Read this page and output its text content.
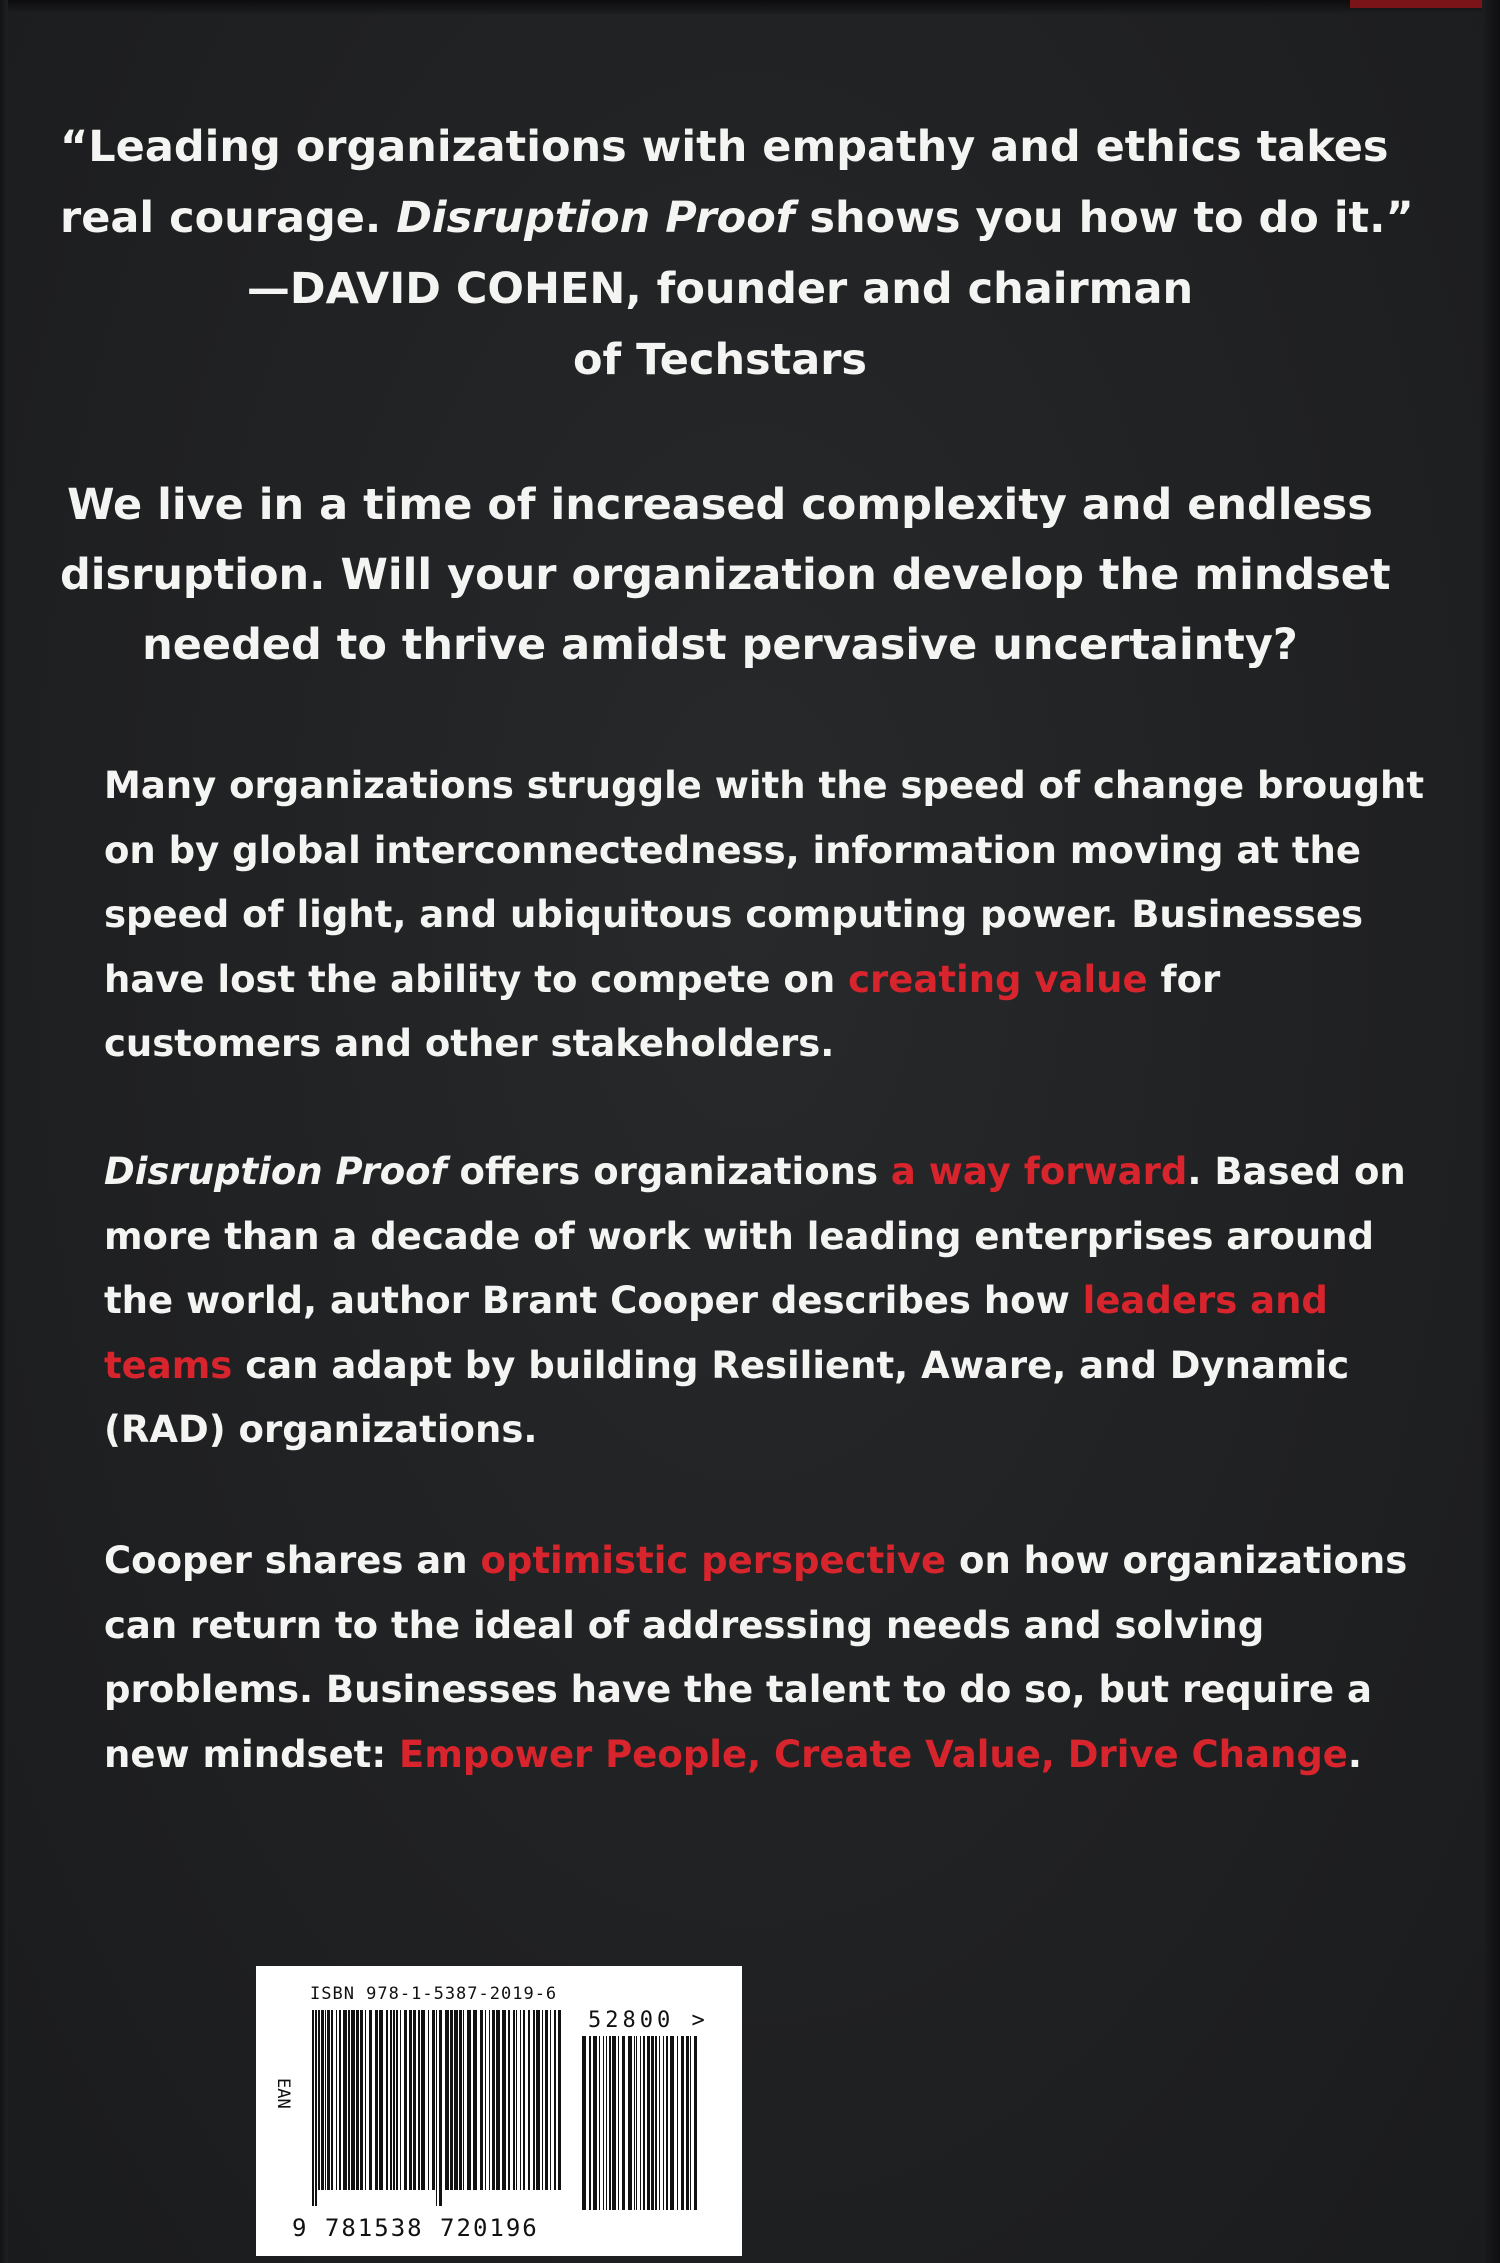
“Leading organizations with empathy and ethics takes
real courage. Disruption Proof shows you how to do it.”
—DAVID COHEN, founder and chairman
of Techstars
We live in a time of increased complexity and endless
disruption. Will your organization develop the mindset
needed to thrive amidst pervasive uncertainty?
Many organizations struggle with the speed of change brought
on by global interconnectedness, information moving at the
speed of light, and ubiquitous computing power. Businesses
have lost the ability to compete on creating value for
customers and other stakeholders.
Disruption Proof offers organizations a way forward. Based on
more than a decade of work with leading enterprises around
the world, author Brant Cooper describes how leaders and
teams can adapt by building Resilient, Aware, and Dynamic
(RAD) organizations.
Cooper shares an optimistic perspective on how organizations
can return to the ideal of addressing needs and solving
problems. Businesses have the talent to do so, but require a
new mindset: Empower People, Create Value, Drive Change.
ISBN 978-1-5387-2019-6
EAN
52800 >
9 781538 720196
